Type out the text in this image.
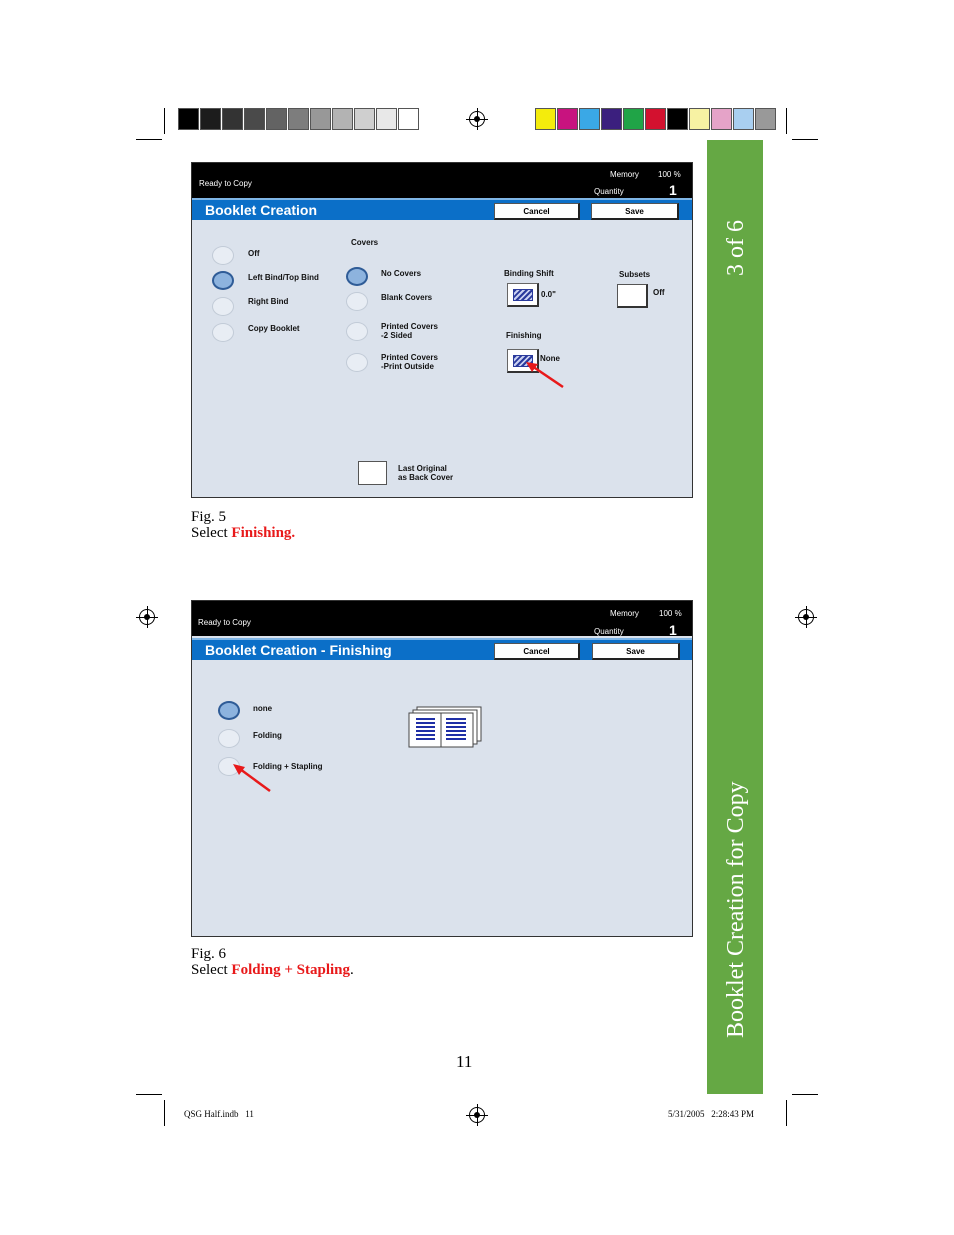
3 of 6
Booklet Creation for Copy
Ready to Copy
Memory 100 %
Quantity	1
Booklet Creation	Cancel	Save
Off
Left Bind/Top Bind
Right Bind
Copy Booklet
Covers
No Covers
Blank Covers
Printed Covers
-2 Sided
Printed Covers
-Print Outside
Binding Shift
0.0"
Subsets
Off
Finishing
None
Last Original
as Back Cover
Fig. 5
Select Finishing.
Ready to Copy
Memory	100 %
Quantity	1
Booklet Creation - Finishing	Cancel	Save
none
Folding
Folding + Stapling
Fig. 6
Select Folding + Stapling.
11
QSG Half.indb   11	5/31/2005   2:28:43 PM
